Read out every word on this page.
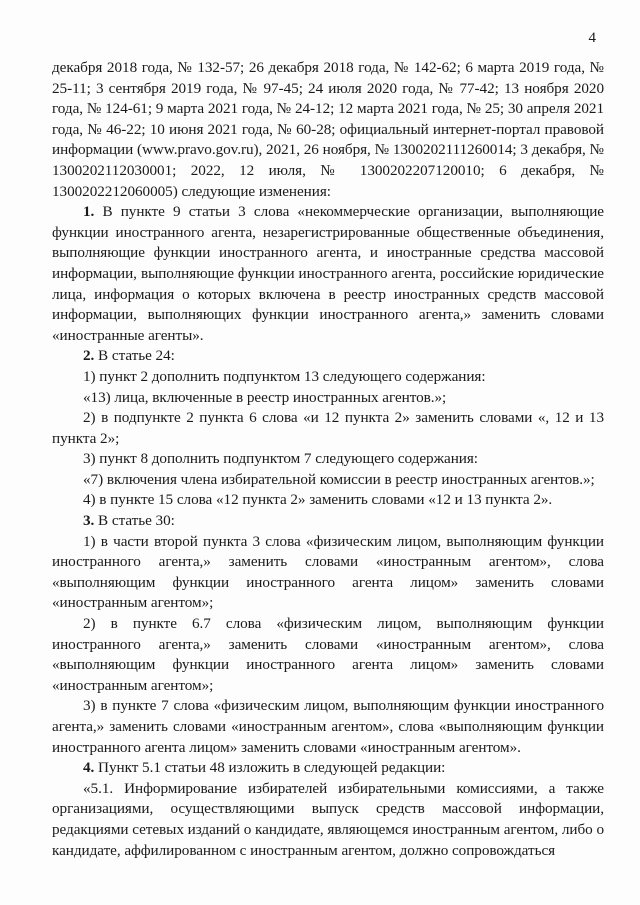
4

декабря 2018 года, № 132-57; 26 декабря 2018 года, № 142-62; 6 марта 2019 года, № 25-11; 3 сентября 2019 года, № 97-45; 24 июля 2020 года, № 77-42; 13 ноября 2020 года, № 124-61; 9 марта 2021 года, № 24-12; 12 марта 2021 года, № 25; 30 апреля 2021 года, № 46-22; 10 июня 2021 года, № 60-28; официальный интернет-портал правовой информации (www.pravo.gov.ru), 2021, 26 ноября, № 1300202111260014; 3 декабря, № 1300202112030001; 2022, 12 июля, № 1300202207120010; 6 декабря, № 1300202212060005) следующие изменения:

1. В пункте 9 статьи 3 слова «некоммерческие организации, выполняющие функции иностранного агента, незарегистрированные общественные объединения, выполняющие функции иностранного агента, и иностранные средства массовой информации, выполняющие функции иностранного агента, российские юридические лица, информация о которых включена в реестр иностранных средств массовой информации, выполняющих функции иностранного агента,» заменить словами «иностранные агенты».

2. В статье 24:

1) пункт 2 дополнить подпунктом 13 следующего содержания:

«13) лица, включенные в реестр иностранных агентов.»;

2) в подпункте 2 пункта 6 слова «и 12 пункта 2» заменить словами «, 12 и 13 пункта 2»;

3) пункт 8 дополнить подпунктом 7 следующего содержания:

«7) включения члена избирательной комиссии в реестр иностранных агентов.»;

4) в пункте 15 слова «12 пункта 2» заменить словами «12 и 13 пункта 2».

3. В статье 30:

1) в части второй пункта 3 слова «физическим лицом, выполняющим функции иностранного агента,» заменить словами «иностранным агентом», слова «выполняющим функции иностранного агента лицом» заменить словами «иностранным агентом»;

2) в пункте 6.7 слова «физическим лицом, выполняющим функции иностранного агента,» заменить словами «иностранным агентом», слова «выполняющим функции иностранного агента лицом» заменить словами «иностранным агентом»;

3) в пункте 7 слова «физическим лицом, выполняющим функции иностранного агента,» заменить словами «иностранным агентом», слова «выполняющим функции иностранного агента лицом» заменить словами «иностранным агентом».

4. Пункт 5.1 статьи 48 изложить в следующей редакции:

«5.1. Информирование избирателей избирательными комиссиями, а также организациями, осуществляющими выпуск средств массовой информации, редакциями сетевых изданий о кандидате, являющемся иностранным агентом, либо о кандидате, аффилированном с иностранным агентом, должно сопровождаться
